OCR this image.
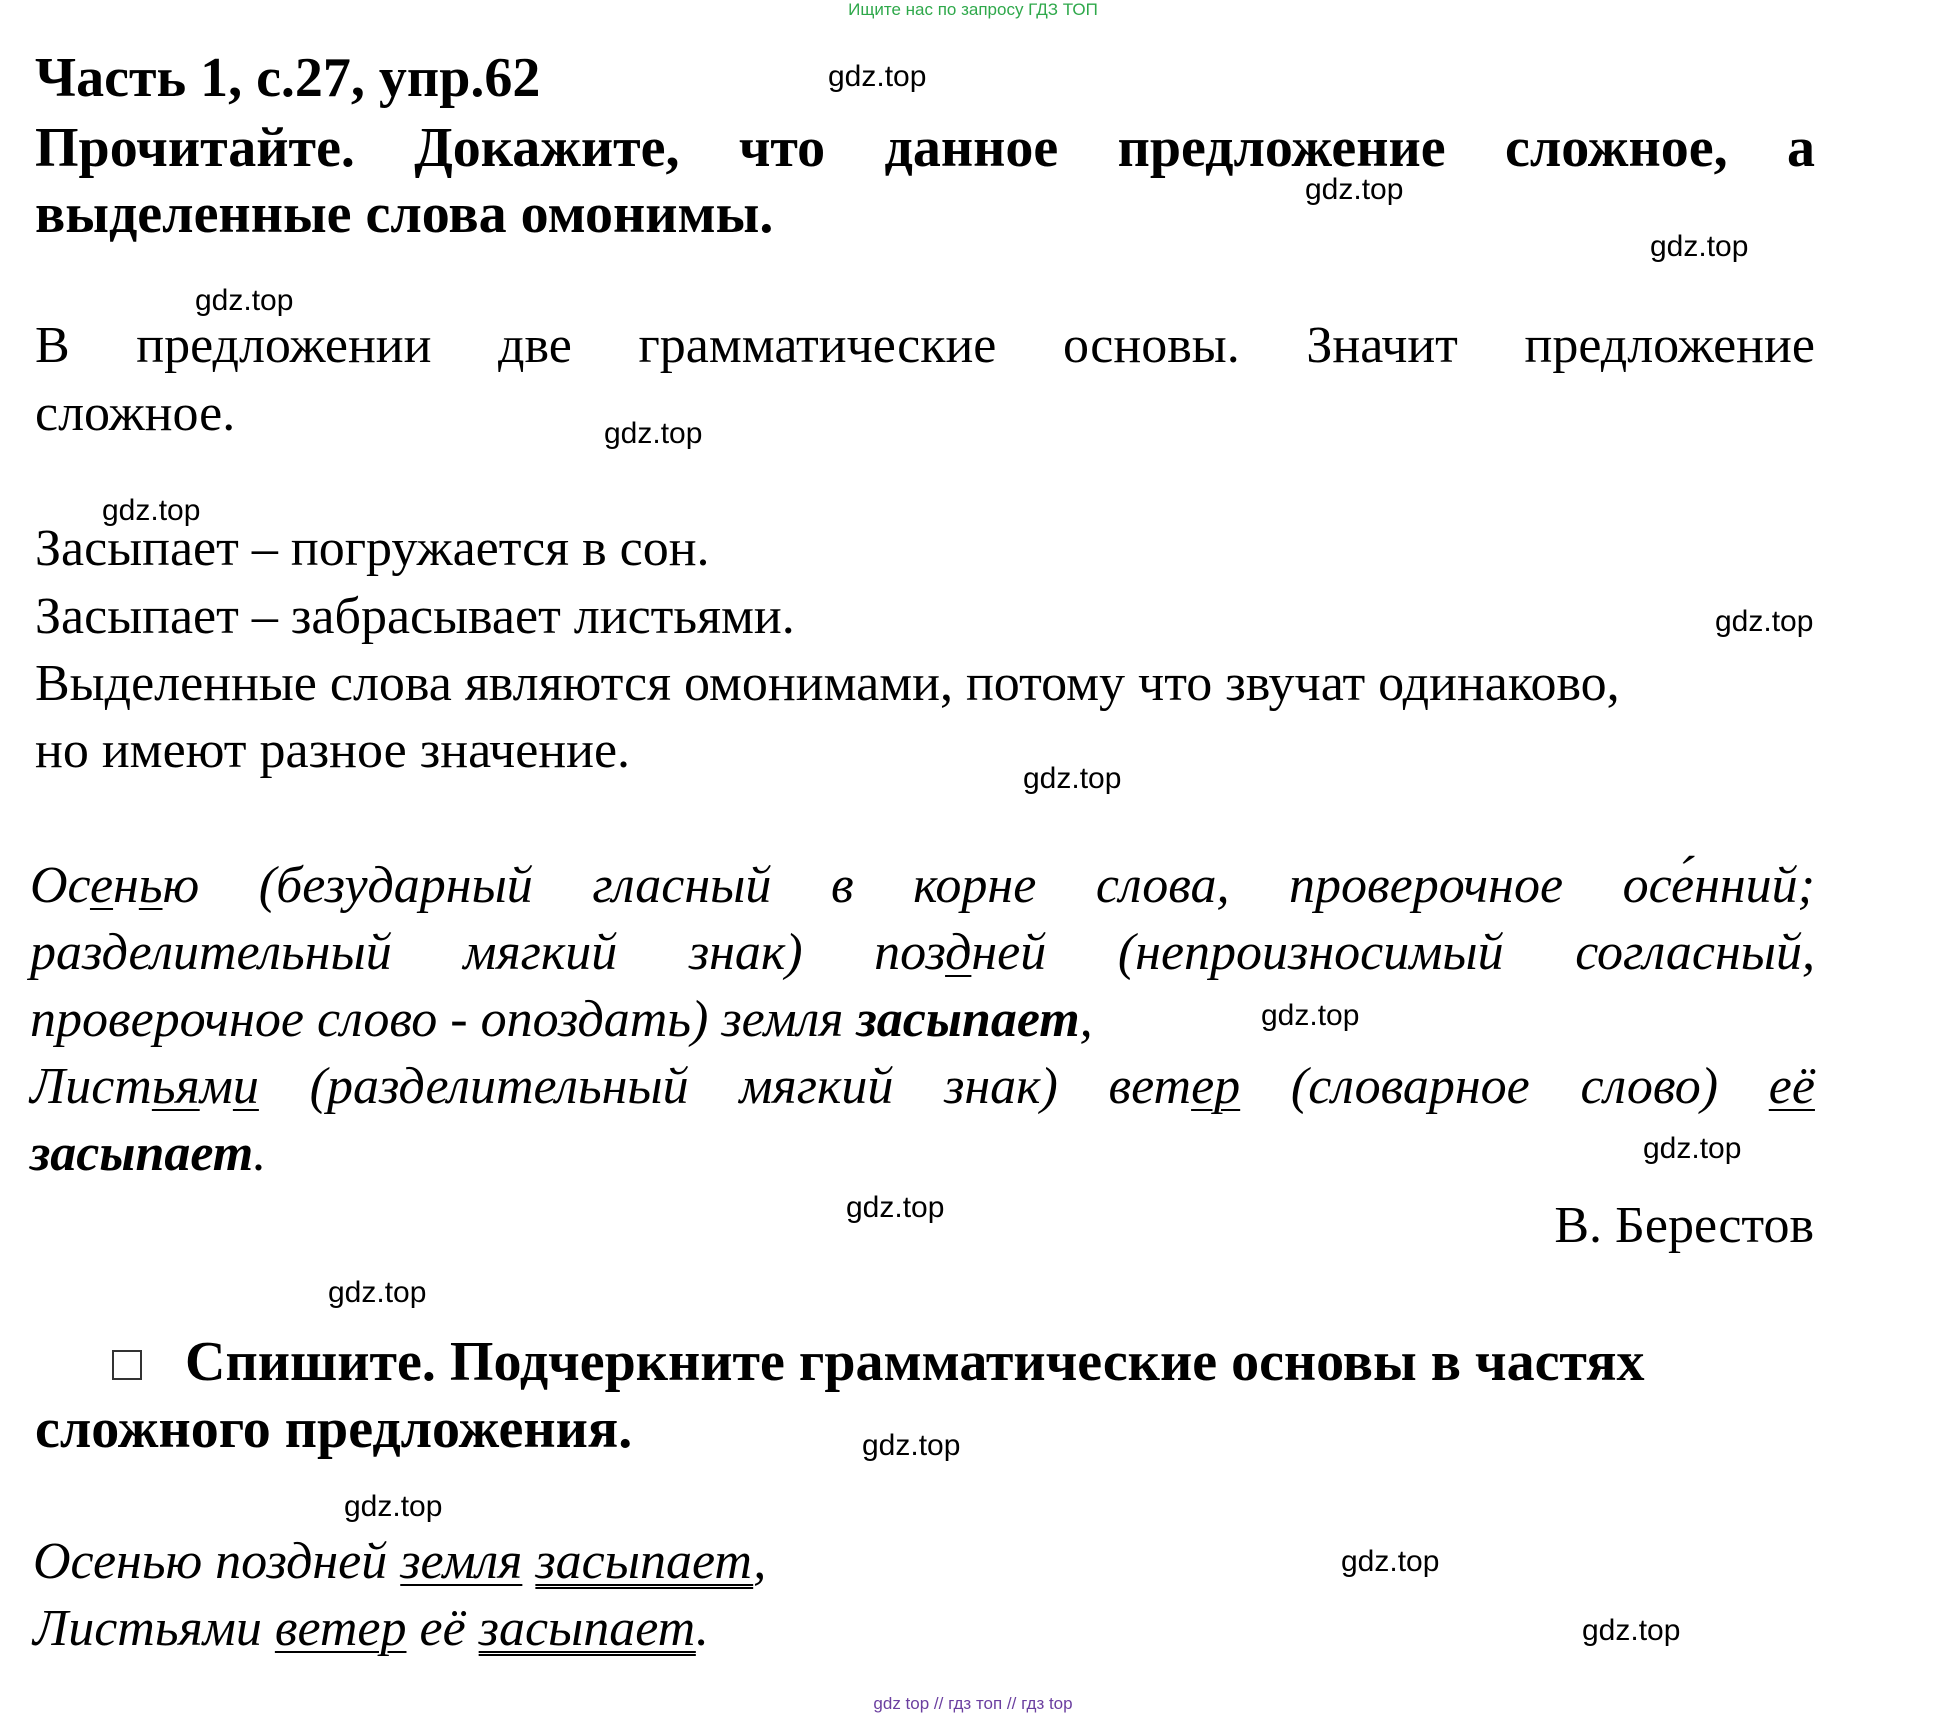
Ищите нас по запросу ГДЗ ТОП
Часть 1, с.27, упр.62
Прочитайте. Докажите, что данное предложение сложное, а
выделенные слова омонимы.
В предложении две грамматические основы. Значит предложение
сложное.
Засыпает – погружается в сон.
Засыпает – забрасывает листьями.
Выделенные слова являются омонимами, потому что звучат одинаково,
но имеют разное значение.
Осенью (безударный гласный в корне слова, проверочное осе́нний;
разделительный мягкий знак) поздней (непроизносимый согласный,
проверочное слово - опоздать) земля засыпает,
Листьями (разделительный мягкий знак) ветер (словарное слово) её
засыпает.
В. Берестов
Спишите. Подчеркните грамматические основы в частях
сложного предложения.
Осенью поздней земля засыпает,
Листьями ветер её засыпает.
gdz.top
gdz.top
gdz.top
gdz.top
gdz.top
gdz.top
gdz.top
gdz.top
gdz.top
gdz.top
gdz.top
gdz.top
gdz.top
gdz.top
gdz.top
gdz.top
gdz top // гдз топ // гдз top
